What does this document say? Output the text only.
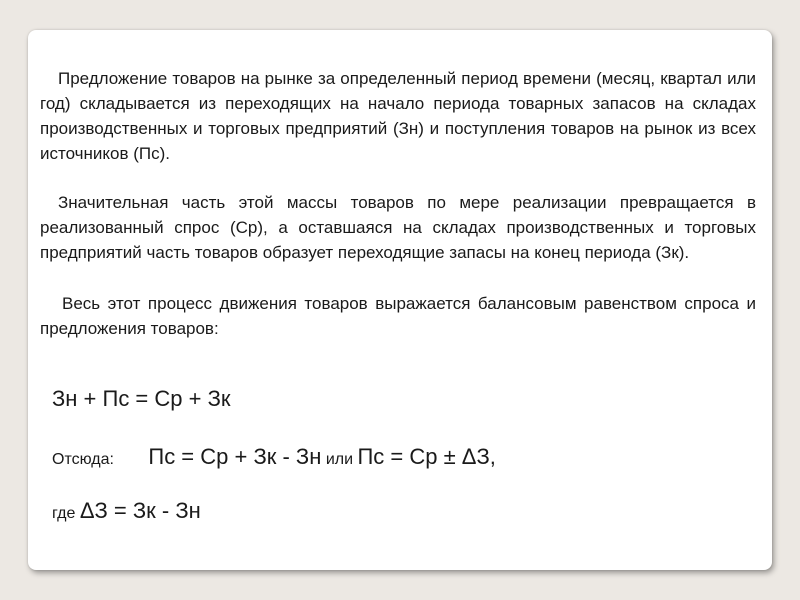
Предложение товаров на рынке за определенный период времени (месяц, квартал или год) складывается из переходящих на начало периода товарных запасов на складах производственных и торговых предприятий (Зн) и поступления товаров на рынок из всех источников (Пс).

Значительная часть этой массы товаров по мере реализации превращается в реализованный спрос (Ср), а оставшаяся на складах производственных и торговых предприятий часть товаров образует переходящие запасы на конец периода (Зк).

Весь этот процесс движения товаров выражается балансовым равенством спроса и предложения товаров:

Зн + Пс = Ср + Зк
Отсюда: Пс = Ср + Зк - Зн или Пс = Ср ± ΔЗ,
где ΔЗ = Зк - Зн
